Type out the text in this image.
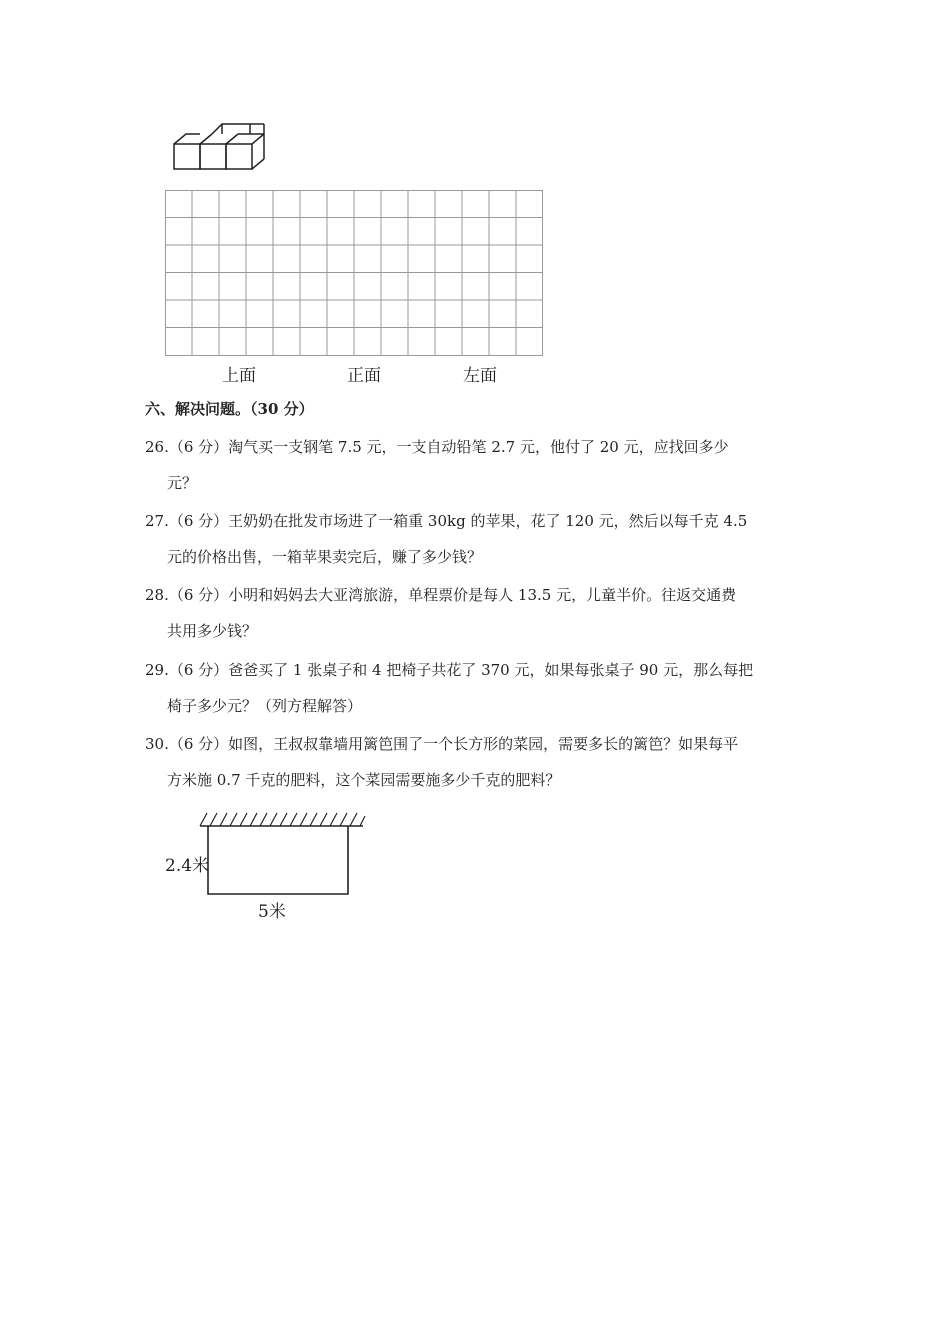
上面	正面	左面
六、解决问题。（30 分）
26.（6 分）淘气买一支钢笔 7.5 元，一支自动铅笔 2.7 元，他付了 20 元，应找回多少
元？
27.（6 分）王奶奶在批发市场进了一箱重 30kg 的苹果，花了 120 元，然后以每千克 4.5
元的价格出售，一箱苹果卖完后，赚了多少钱？
28.（6 分）小明和妈妈去大亚湾旅游，单程票价是每人 13.5 元，儿童半价。往返交通费
共用多少钱？
29.（6 分）爸爸买了 1 张桌子和 4 把椅子共花了 370 元，如果每张桌子 90 元，那么每把
椅子多少元？（列方程解答）
30.（6 分）如图，王叔叔靠墙用篱笆围了一个长方形的菜园，需要多长的篱笆？如果每平
方米施 0.7 千克的肥料，这个菜园需要施多少千克的肥料？
2.4米
5米
